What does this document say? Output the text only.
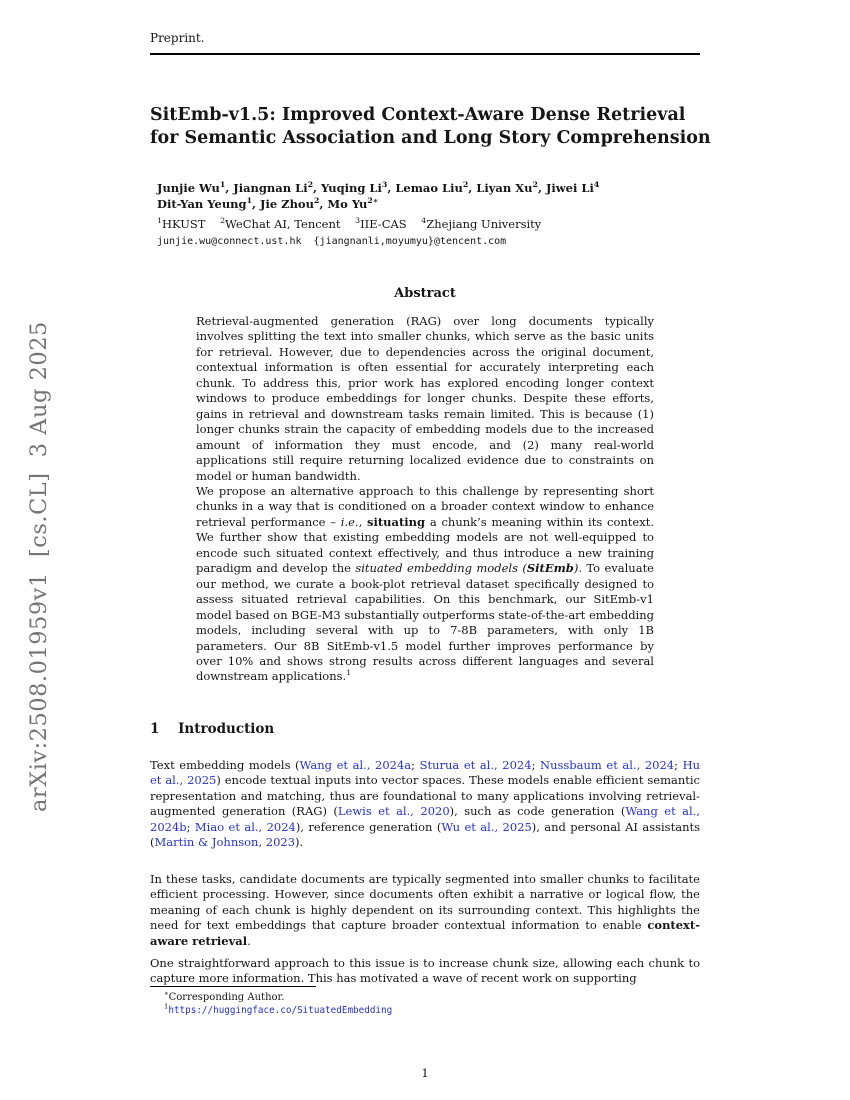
arXiv:2508.01959v1  [cs.CL]  3 Aug 2025
Preprint.
SitEmb-v1.5: Improved Context-Aware Dense Retrieval
for Semantic Association and Long Story Comprehension
Junjie Wu$^1$, Jiangnan Li$^2$, Yuqing Li$^3$, Lemao Liu$^2$, Liyan Xu$^2$, Jiwei Li$^4$
Dit-Yan Yeung$^1$, Jie Zhou$^2$, Mo $Yu^{2∗}$
$^1$HKUST    $^2$WeChat AI, Tencent    $^3$IIE-CAS    $^4$Zhejiang University
junjie.wu@connect.ust.hk  {jiangnanli,moyumyu}@tencent.com
Abstract

Retrieval-augmented generation (RAG) over long documents typically involves splitting the text into smaller chunks, which serve as the basic units for retrieval. However, due to dependencies across the original document, contextual information is often essential for accurately interpreting each chunk. To address this, prior work has explored encoding longer context windows to produce embeddings for longer chunks. Despite these efforts, gains in retrieval and downstream tasks remain limited. This is because (1) longer chunks strain the capacity of embedding models due to the increased amount of information they must encode, and (2) many real-world applications still require returning localized evidence due to constraints on model or human bandwidth.

We propose an alternative approach to this challenge by representing short chunks in a way that is conditioned on a broader context window to enhance retrieval performance – i.e., situating a chunk’s meaning within its context. We further show that existing embedding models are not well-equipped to encode such situated context effectively, and thus introduce a new training paradigm and develop the situated embedding models (SitEmb). To evaluate our method, we curate a book-plot retrieval dataset specifically designed to assess situated retrieval capabilities. On this benchmark, our SitEmb-v1 model based on BGE-M3 substantially outperforms state-of-the-art embedding models, including several with up to 7-8B parameters, with only 1B parameters. Our 8B SitEmb-v1.5 model further improves performance by over 10% and shows strong results across different languages and several downstream applications.$^1$

1 Introduction

Text embedding models (Wang et al., 2024a; Sturua et al., 2024; Nussbaum et al., 2024; Hu et al., 2025) encode textual inputs into vector spaces. These models enable efficient semantic representation and matching, thus are foundational to many applications involving retrieval-augmented generation (RAG) (Lewis et al., 2020), such as code generation (Wang et al., 2024b; Miao et al., 2024), reference generation (Wu et al., 2025), and personal AI assistants (Martin & Johnson, 2023).

In these tasks, candidate documents are typically segmented into smaller chunks to facilitate efficient processing. However, since documents often exhibit a narrative or logical flow, the meaning of each chunk is highly dependent on its surrounding context. This highlights the need for text embeddings that capture broader contextual information to enable context-aware retrieval.

One straightforward approach to this issue is to increase chunk size, allowing each chunk to capture more information. This has motivated a wave of recent work on supporting

∗Corresponding Author.
$^1$https://huggingface.co/SituatedEmbedding
1
